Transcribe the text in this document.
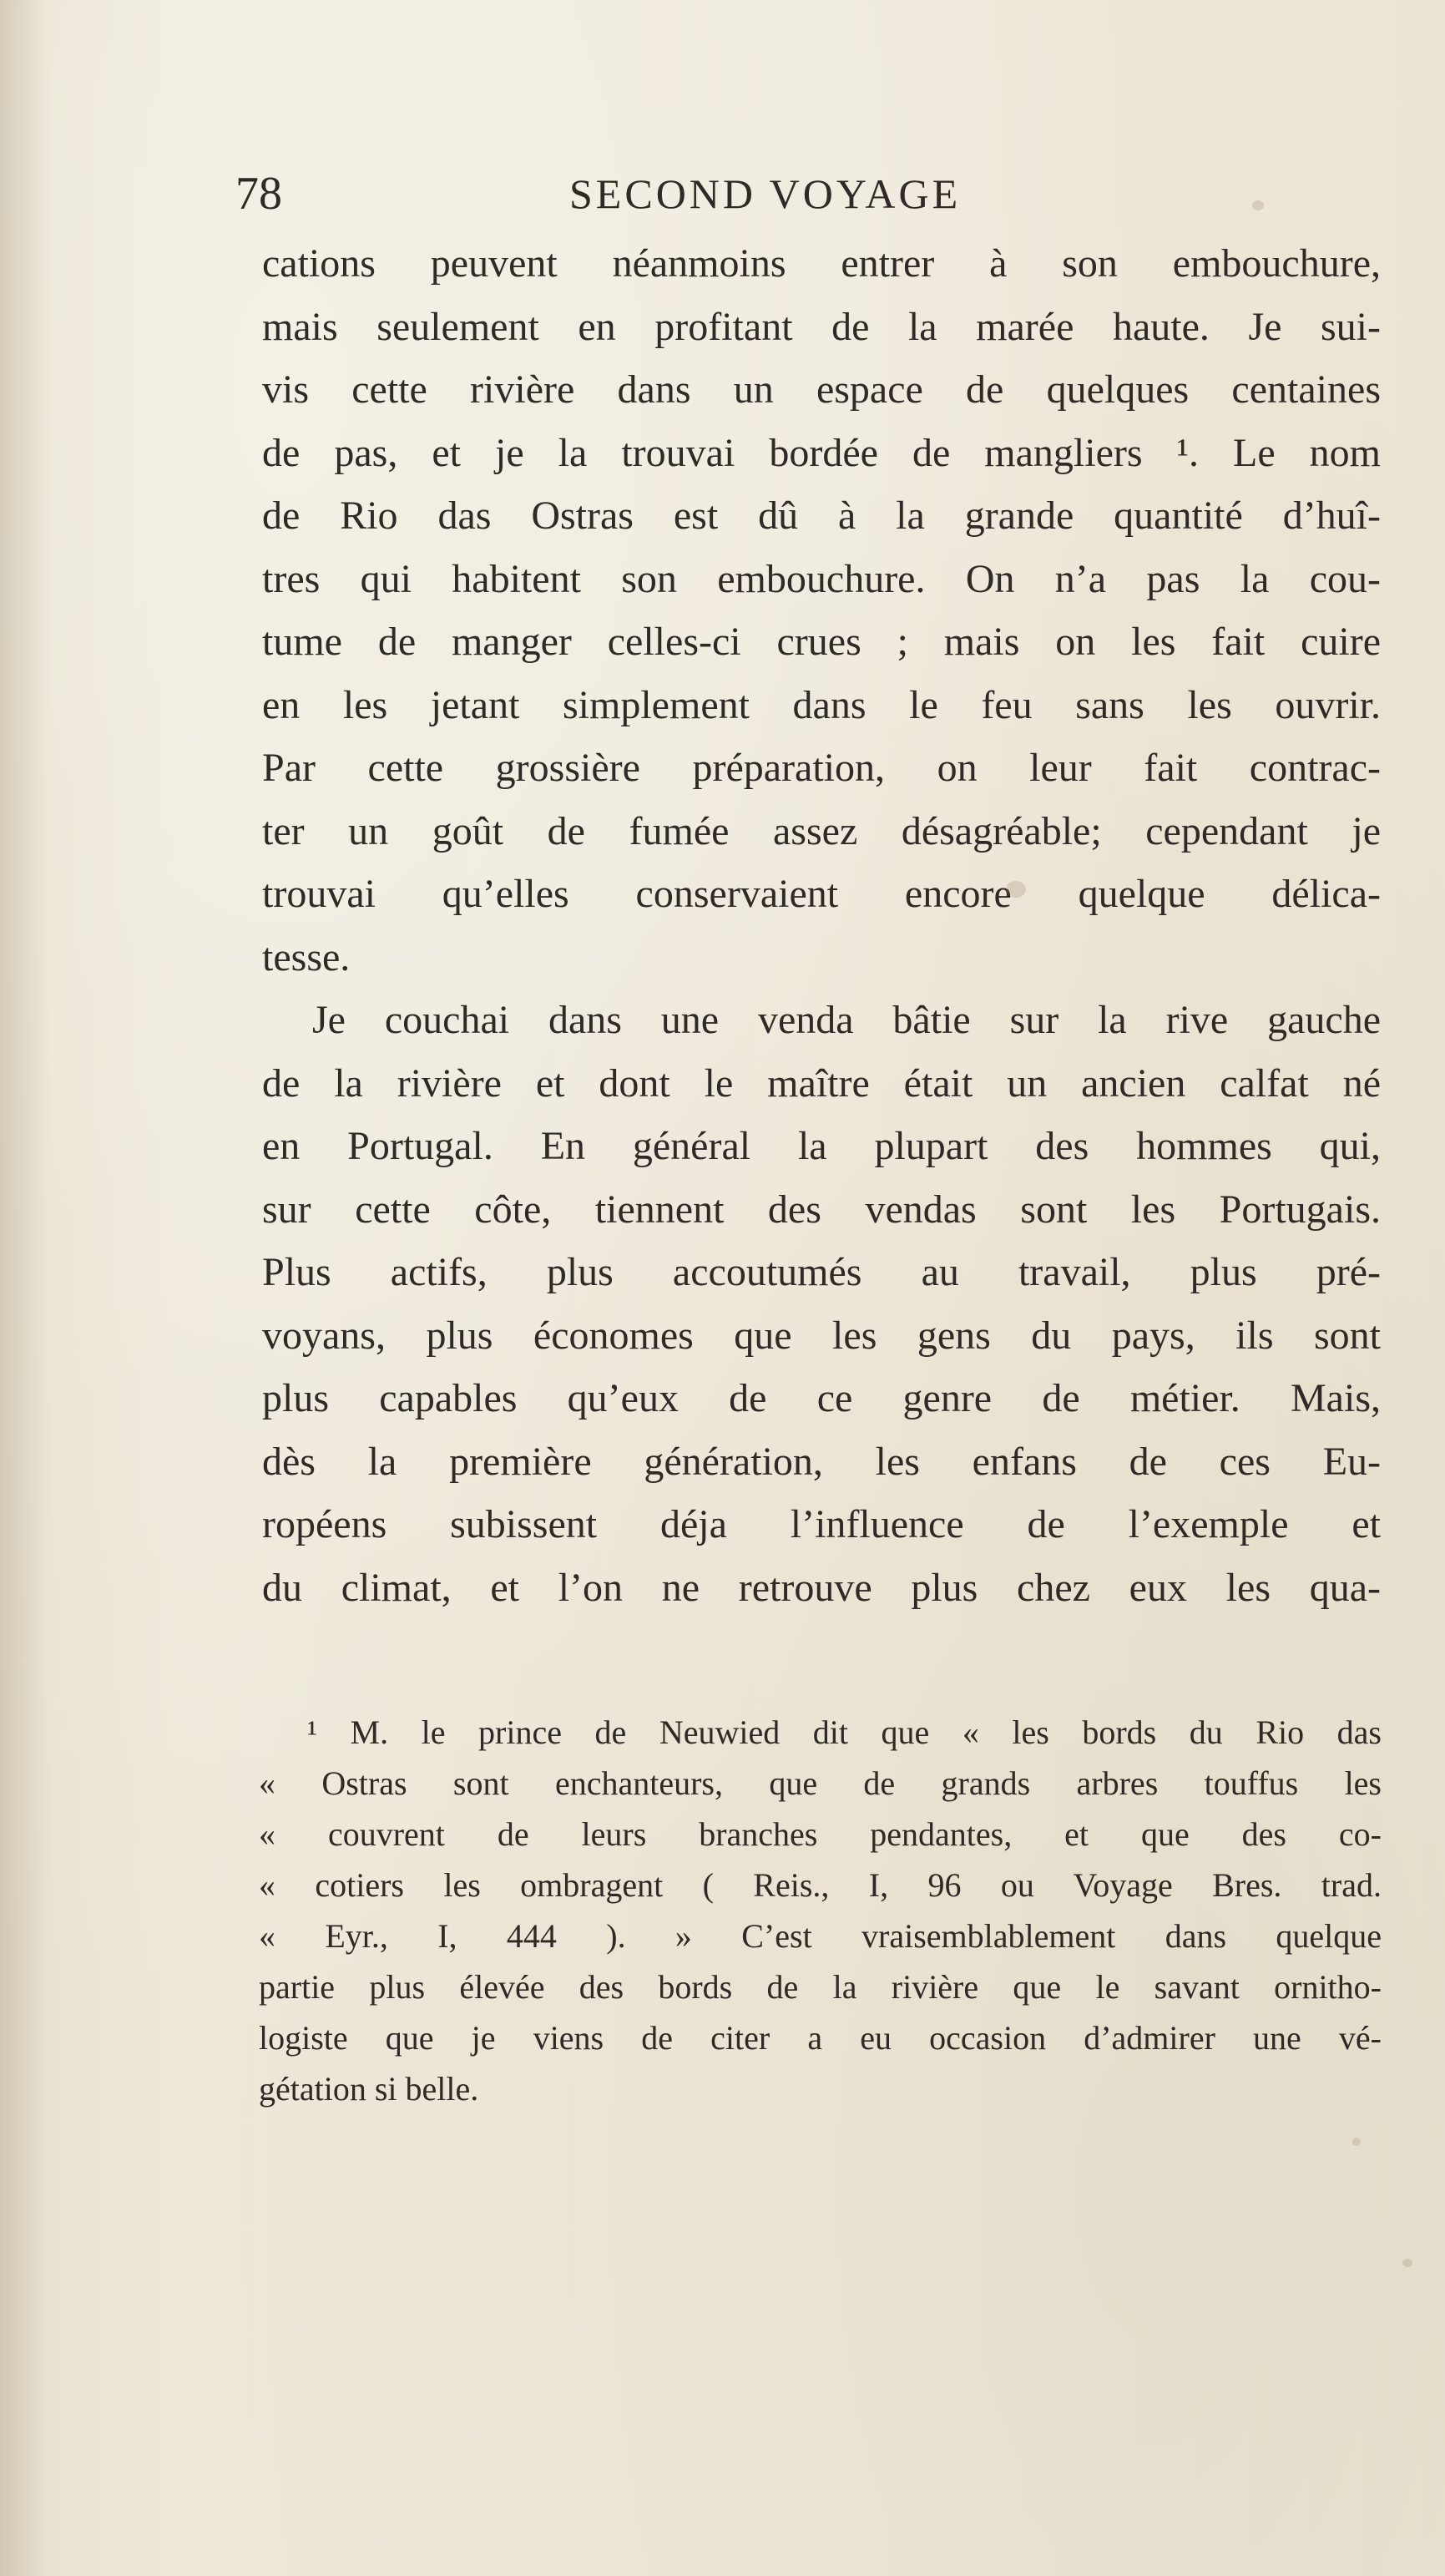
78	SECOND VOYAGE
cations peuvent néanmoins entrer à son embouchure,
mais seulement en profitant de la marée haute. Je sui-
vis cette rivière dans un espace de quelques centaines
de pas, et je la trouvai bordée de mangliers ¹. Le nom
de Rio das Ostras est dû à la grande quantité d’huî-
tres qui habitent son embouchure. On n’a pas la cou-
tume de manger celles-ci crues ; mais on les fait cuire
en les jetant simplement dans le feu sans les ouvrir.
Par cette grossière préparation, on leur fait contrac-
ter un goût de fumée assez désagréable; cependant je
trouvai qu’elles conservaient encore quelque délica-
tesse.
Je couchai dans une venda bâtie sur la rive gauche
de la rivière et dont le maître était un ancien calfat né
en Portugal. En général la plupart des hommes qui,
sur cette côte, tiennent des vendas sont les Portugais.
Plus actifs, plus accoutumés au travail, plus pré-
voyans, plus économes que les gens du pays, ils sont
plus capables qu’eux de ce genre de métier. Mais,
dès la première génération, les enfans de ces Eu-
ropéens subissent déja l’influence de l’exemple et
du climat, et l’on ne retrouve plus chez eux les qua-
¹ M. le prince de Neuwied dit que « les bords du Rio das
« Ostras sont enchanteurs, que de grands arbres touffus les
« couvrent de leurs branches pendantes, et que des co-
« cotiers les ombragent ( Reis., I, 96 ou Voyage Bres. trad.
« Eyr., I, 444 ). » C’est vraisemblablement dans quelque
partie plus élevée des bords de la rivière que le savant ornitho-
logiste que je viens de citer a eu occasion d’admirer une vé-
gétation si belle.
